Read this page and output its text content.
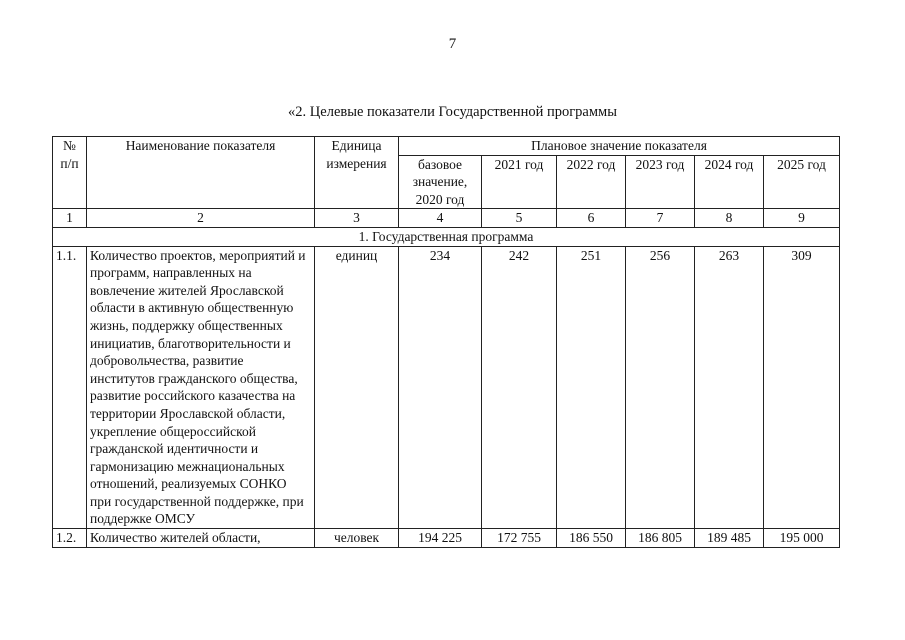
7
«2. Целевые показатели Государственной программы
№ п/п	Наименование показателя	Единица измерения	Плановое значение показателя					
			базовое значение, 2020 год	2021 год	2022 год	2023 год	2024 год	2025 год
1	2	3	4	5	6	7	8	9
1. Государственная программа								
1.1.	Количество проектов, мероприятий и программ, направленных на вовлечение жителей Ярославской области в активную общественную жизнь, поддержку общественных инициатив, благотворительности и добровольчества, развитие институтов гражданского общества, развитие российского казачества на территории Ярославской области, укрепление общероссийской гражданской идентичности и гармонизацию межнациональных отношений, реализуемых СОНКО при государственной поддержке, при поддержке ОМСУ	единиц	234	242	251	256	263	309
1.2.	Количество жителей области,	человек	194 225	172 755	186 550	186 805	189 485	195 000
